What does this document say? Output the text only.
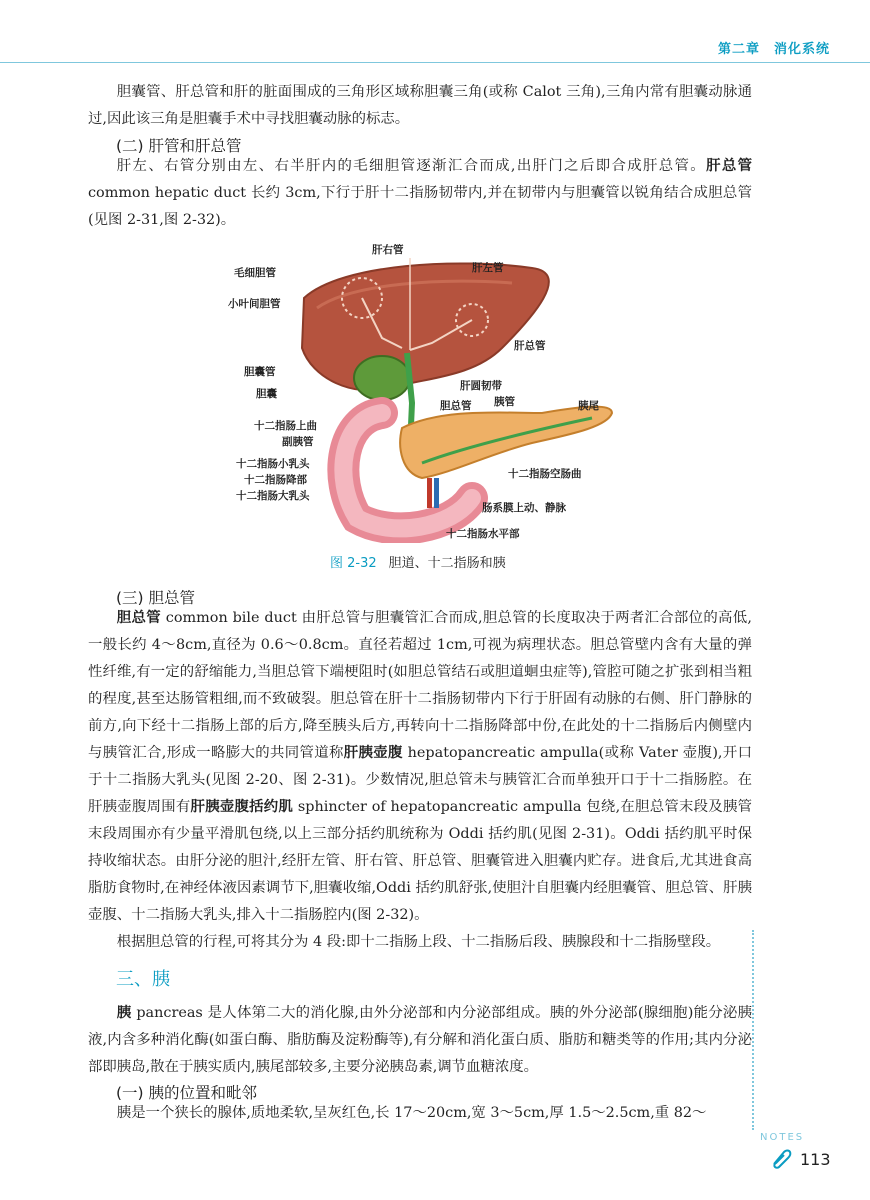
第二章　消化系统
胆囊管、肝总管和肝的脏面围成的三角形区域称胆囊三角(或称 Calot 三角),三角内常有胆囊动脉通过,因此该三角是胆囊手术中寻找胆囊动脉的标志。
(二) 肝管和肝总管
肝左、右管分别由左、右半肝内的毛细胆管逐渐汇合而成,出肝门之后即合成肝总管。肝总管 common hepatic duct 长约 3cm,下行于肝十二指肠韧带内,并在韧带内与胆囊管以锐角结合成胆总管(见图 2-31,图 2-32)。
肝右管
肝左管
毛细胆管
小叶间胆管
肝总管
胆囊管
胆囊
肝圆韧带
胆总管 胰管	胰尾
十二指肠上曲
副胰管
十二指肠小乳头
十二指肠降部
十二指肠大乳头
十二指肠空肠曲
肠系膜上动、静脉
十二指肠水平部
图 2-32 胆道、十二指肠和胰
(三) 胆总管
胆总管 common bile duct 由肝总管与胆囊管汇合而成,胆总管的长度取决于两者汇合部位的高低,一般长约 4～8cm,直径为 0.6～0.8cm。直径若超过 1cm,可视为病理状态。胆总管壁内含有大量的弹性纤维,有一定的舒缩能力,当胆总管下端梗阻时(如胆总管结石或胆道蛔虫症等),管腔可随之扩张到相当粗的程度,甚至达肠管粗细,而不致破裂。胆总管在肝十二指肠韧带内下行于肝固有动脉的右侧、肝门静脉的前方,向下经十二指肠上部的后方,降至胰头后方,再转向十二指肠降部中份,在此处的十二指肠后内侧壁内与胰管汇合,形成一略膨大的共同管道称肝胰壶腹 hepatopancreatic ampulla(或称 Vater 壶腹),开口于十二指肠大乳头(见图 2-20、图 2-31)。少数情况,胆总管未与胰管汇合而单独开口于十二指肠腔。在肝胰壶腹周围有肝胰壶腹括约肌 sphincter of hepatopancreatic ampulla 包绕,在胆总管末段及胰管末段周围亦有少量平滑肌包绕,以上三部分括约肌统称为 Oddi 括约肌(见图 2-31)。Oddi 括约肌平时保持收缩状态。由肝分泌的胆汁,经肝左管、肝右管、肝总管、胆囊管进入胆囊内贮存。进食后,尤其进食高脂肪食物时,在神经体液因素调节下,胆囊收缩,Oddi 括约肌舒张,使胆汁自胆囊内经胆囊管、胆总管、肝胰壶腹、十二指肠大乳头,排入十二指肠腔内(图 2-32)。
根据胆总管的行程,可将其分为 4 段:即十二指肠上段、十二指肠后段、胰腺段和十二指肠壁段。
三、胰
胰 pancreas 是人体第二大的消化腺,由外分泌部和内分泌部组成。胰的外分泌部(腺细胞)能分泌胰液,内含多种消化酶(如蛋白酶、脂肪酶及淀粉酶等),有分解和消化蛋白质、脂肪和糖类等的作用;其内分泌部即胰岛,散在于胰实质内,胰尾部较多,主要分泌胰岛素,调节血糖浓度。
(一) 胰的位置和毗邻
胰是一个狭长的腺体,质地柔软,呈灰红色,长 17～20cm,宽 3～5cm,厚 1.5～2.5cm,重 82～
NOTES
113
